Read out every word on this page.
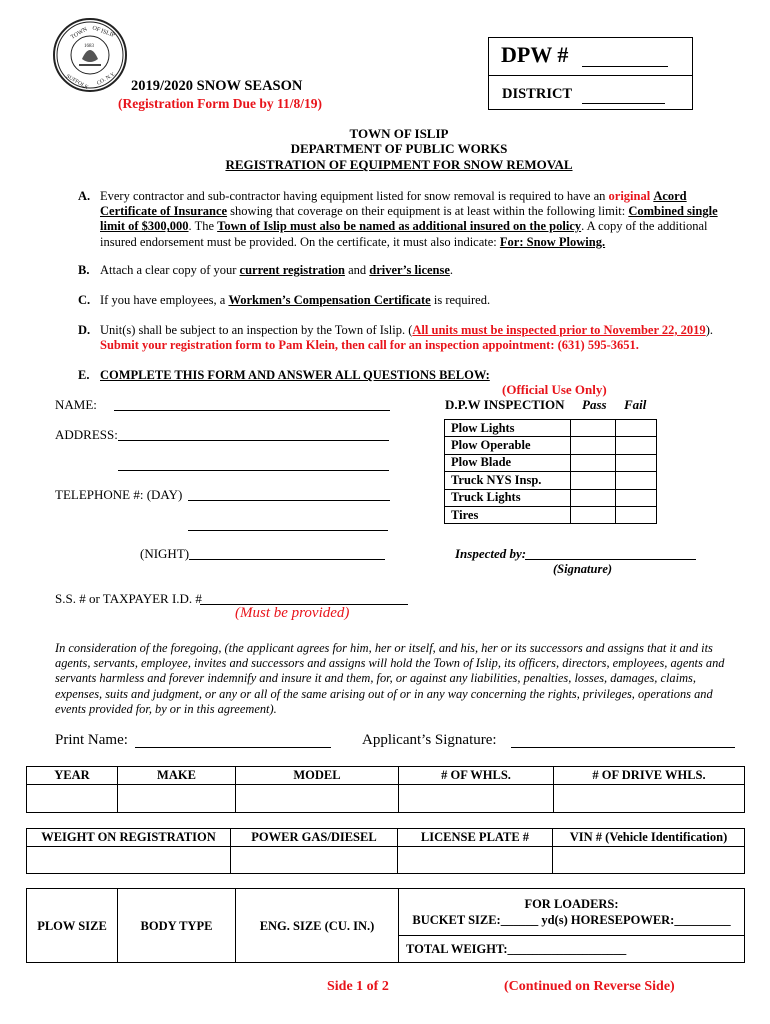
TOWN OF ISLIP
1683
SUFFOLK CO. N.Y. 2019/2020 SNOW SEASON
(Registration Form Due by 11/8/19)
DPW #
DISTRICT
TOWN OF ISLIP
DEPARTMENT OF PUBLIC WORKS
REGISTRATION OF EQUIPMENT FOR SNOW REMOVAL
A. Every contractor and sub-contractor having equipment listed for snow removal is required to have an original Acord Certificate of Insurance showing that coverage on their equipment is at least within the following limit: Combined single limit of $300,000. The Town of Islip must also be named as additional insured on the policy. A copy of the additional insured endorsement must be provided. On the certificate, it must also indicate: For: Snow Plowing.
B. Attach a clear copy of your current registration and driver’s license.
C. If you have employees, a Workmen’s Compensation Certificate is required.
D. Unit(s) shall be subject to an inspection by the Town of Islip. (All units must be inspected prior to November 22, 2019).
Submit your registration form to Pam Klein, then call for an inspection appointment: (631) 595-3651.
E. COMPLETE THIS FORM AND ANSWER ALL QUESTIONS BELOW:
NAME:
ADDRESS:
TELEPHONE #: (DAY)
(NIGHT)
S.S. # or TAXPAYER I.D. #
(Must be provided)
(Official Use Only)
D.P.W INSPECTION Pass Fail
Plow Lights		
Plow Operable		
Plow Blade		
Truck NYS Insp.		
Truck Lights		
Tires		
Inspected by:
(Signature)
In consideration of the foregoing, (the applicant agrees for him, her or itself, and his, her or its successors and assigns that it and its agents, servants, employee, invites and successors and assigns will hold the Town of Islip, its officers, directors, employees, agents and servants harmless and forever indemnify and insure it and them, for, or against any liabilities, penalties, losses, damages, claims, expenses, suits and judgment, or any or all of the same arising out of or in any way concerning the rights, privileges, operations and events provided for, by or in this agreement).
Print Name:	Applicant’s Signature:
YEAR	MAKE	MODEL	# OF WHLS.	# OF DRIVE WHLS.

WEIGHT ON REGISTRATION	POWER GAS/DIESEL	LICENSE PLATE #	VIN # (Vehicle Identification)

PLOW SIZE	BODY TYPE	ENG. SIZE (CU. IN.)	
FOR LOADERS:
BUCKET SIZE:______ yd(s) HORESEPOWER:_________

TOTAL WEIGHT:___________________
Side 1 of 2	(Continued on Reverse Side)
